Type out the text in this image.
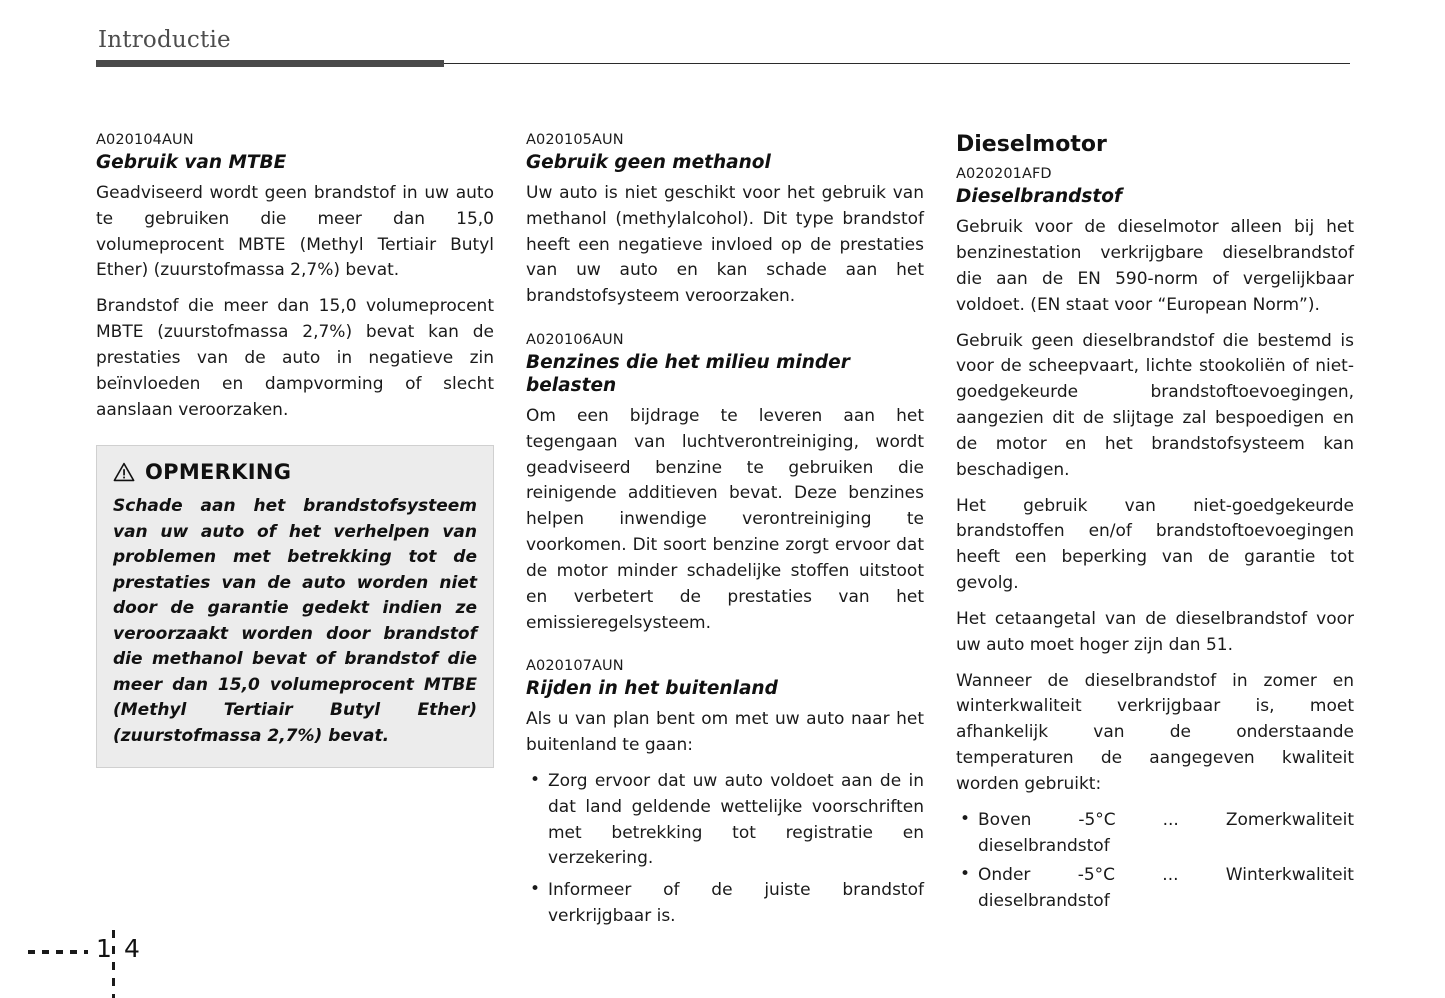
Introductie
A020104AUN
Gebruik van MTBE

Geadviseerd wordt geen brandstof in uw auto te gebruiken die meer dan 15,0 volumeprocent MBTE (Methyl Tertiair Butyl Ether) (zuurstofmassa 2,7%) bevat.

Brandstof die meer dan 15,0 volumeprocent MBTE (zuurstofmassa 2,7%) bevat kan de prestaties van de auto in negatieve zin beïnvloeden en dampvorming of slecht aanslaan veroorzaken.

OPMERKING

Schade aan het brandstofsysteem van uw auto of het verhelpen van problemen met betrekking tot de prestaties van de auto worden niet door de garantie gedekt indien ze veroorzaakt worden door brandstof die methanol bevat of brandstof die meer dan 15,0 volumeprocent MTBE (Methyl Tertiair Butyl Ether) (zuurstofmassa 2,7%) bevat.

A020105AUN
Gebruik geen methanol

Uw auto is niet geschikt voor het gebruik van methanol (methylalcohol). Dit type brandstof heeft een negatieve invloed op de prestaties van uw auto en kan schade aan het brandstofsysteem veroorzaken.

A020106AUN
Benzines die het milieu minder belasten

Om een bijdrage te leveren aan het tegengaan van luchtverontreiniging, wordt geadviseerd benzine te gebruiken die reinigende additieven bevat. Deze benzines helpen inwendige verontreiniging te voorkomen. Dit soort benzine zorgt ervoor dat de motor minder schadelijke stoffen uitstoot en verbetert de prestaties van het emissieregelsysteem.

A020107AUN
Rijden in het buitenland

Als u van plan bent om met uw auto naar het buitenland te gaan:

• Zorg ervoor dat uw auto voldoet aan de in dat land geldende wettelijke voorschriften met betrekking tot registratie en verzekering.
• Informeer of de juiste brandstof verkrijgbaar is.
Dieselmotor
A020201AFD
Dieselbrandstof

Gebruik voor de dieselmotor alleen bij het benzinestation verkrijgbare dieselbrandstof die aan de EN 590-norm of vergelijkbaar voldoet. (EN staat voor “European Norm”).

Gebruik geen dieselbrandstof die bestemd is voor de scheepvaart, lichte stookoliën of niet-goedgekeurde brandstoftoevoegingen, aangezien dit de slijtage zal bespoedigen en de motor en het brandstofsysteem kan beschadigen.

Het gebruik van niet-goedgekeurde brandstoffen en/of brandstoftoevoegingen heeft een beperking van de garantie tot gevolg.

Het cetaangetal van de dieselbrandstof voor uw auto moet hoger zijn dan 51.

Wanneer de dieselbrandstof in zomer en winterkwaliteit verkrijgbaar is, moet afhankelijk van de onderstaande temperaturen de aangegeven kwaliteit worden gebruikt:

• Boven	-5°C	...	Zomerkwaliteit
dieselbrandstof
• Onder	-5°C	...	Winterkwaliteit
dieselbrandstof
1 4
